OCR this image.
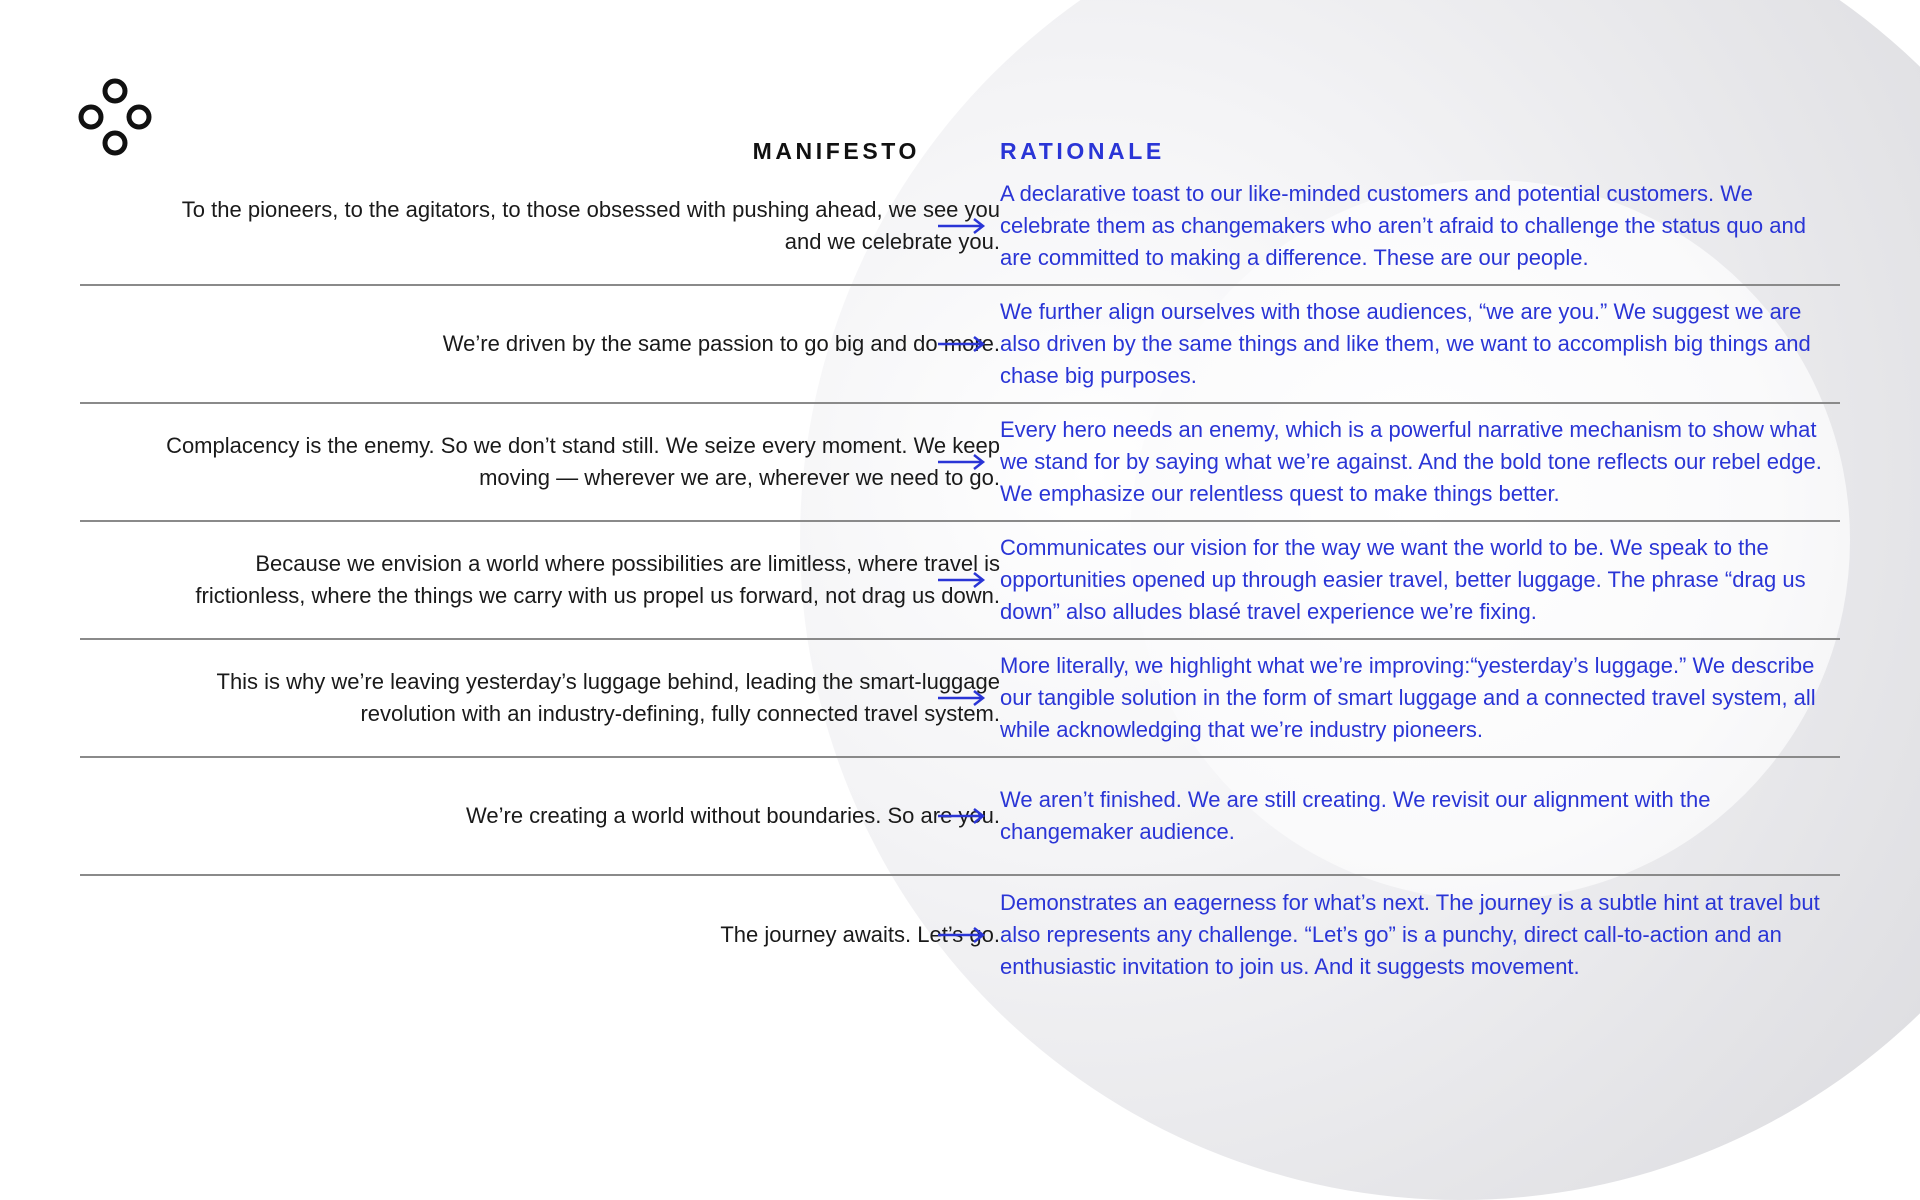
MANIFESTO	RATIONALE
To the pioneers, to the agitators, to those obsessed with pushing ahead, we see you and we celebrate you.
A declarative toast to our like-minded customers and potential customers. We celebrate them as changemakers who aren’t afraid to challenge the status quo and are committed to making a difference. These are our people.
We’re driven by the same passion to go big and do more.
We further align ourselves with those audiences, “we are you.” We suggest we are also driven by the same things and like them, we want to accomplish big things and chase big purposes.
Complacency is the enemy. So we don’t stand still. We seize every moment. We keep moving — wherever we are, wherever we need to go.
Every hero needs an enemy, which is a powerful narrative mechanism to show what we stand for by saying what we’re against. And the bold tone reflects our rebel edge. We emphasize our relentless quest to make things better.
Because we envision a world where possibilities are limitless, where travel is frictionless, where the things we carry with us propel us forward, not drag us down.
Communicates our vision for the way we want the world to be. We speak to the opportunities opened up through easier travel, better luggage. The phrase “drag us down” also alludes blasé travel experience we’re fixing.
This is why we’re leaving yesterday’s luggage behind, leading the smart-luggage revolution with an industry-defining, fully connected travel system.
More literally, we highlight what we’re improving:“yesterday’s luggage.” We describe our tangible solution in the form of smart luggage and a connected travel system, all while acknowledging that we’re industry pioneers.
We’re creating a world without boundaries. So are you.
We aren’t finished. We are still creating. We revisit our alignment with the changemaker audience.
The journey awaits. Let’s go.
Demonstrates an eagerness for what’s next. The journey is a subtle hint at travel but also represents any challenge. “Let’s go” is a punchy, direct call-to-action and an enthusiastic invitation to join us. And it suggests movement.
